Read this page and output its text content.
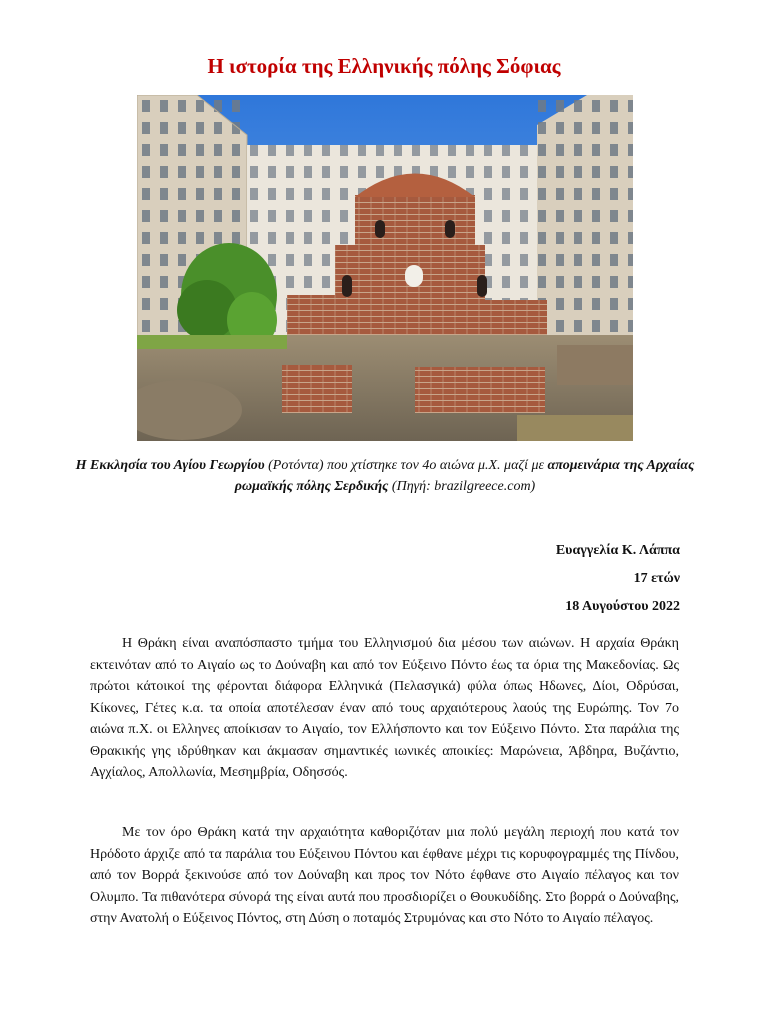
Η ιστορία της Ελληνικής πόλης Σόφιας
Η Εκκλησία του Αγίου Γεωργίου (Ροτόντα) που χτίστηκε τον 4ο αιώνα μ.Χ. μαζί με απομεινάρια της Αρχαίας ρωμαϊκής πόλης Σερδικής (Πηγή: brazilgreece.com)
Ευαγγελία Κ. Λάππα
17 ετών
18 Αυγούστου 2022

Η Θράκη είναι αναπόσπαστο τμήμα του Ελληνισμού δια μέσου των αιώνων. Η αρχαία Θράκη εκτεινόταν από το Αιγαίο ως το Δούναβη και από τον Εύξεινο Πόντο έως τα όρια της Μακεδονίας. Ως πρώτοι κάτοικοί της φέρονται διάφορα Ελληνικά (Πελασγικά) φύλα όπως Ηδωνες, Δίοι, Οδρύσαι, Κίκονες, Γέτες κ.α. τα οποία αποτέλεσαν έναν από τους αρχαιότερους λαούς της Ευρώπης. Τον 7ο αιώνα π.Χ. οι Ελληνες αποίκισαν το Αιγαίο, τον Ελλήσποντο και τον Εύξεινο Πόντο. Στα παράλια της Θρακικής γης ιδρύθηκαν και άκμασαν σημαντικές ιωνικές αποικίες: Μαρώνεια, Άβδηρα, Βυζάντιο, Αγχίαλος, Απολλωνία, Μεσημβρία, Οδησσός.

Με τον όρο Θράκη κατά την αρχαιότητα καθοριζόταν μια πολύ μεγάλη περιοχή που κατά τον Ηρόδοτο άρχιζε από τα παράλια του Εύξεινου Πόντου και έφθανε μέχρι τις κορυφογραμμές της Πίνδου, από τον Βορρά ξεκινούσε από τον Δούναβη και προς τον Νότο έφθανε στο Αιγαίο πέλαγος και τον Ολυμπο. Τα πιθανότερα σύνορά της είναι αυτά που προσδιορίζει ο Θουκυδίδης. Στο βορρά ο Δούναβης, στην Ανατολή ο Εύξεινος Πόντος, στη Δύση ο ποταμός Στρυμόνας και στο Νότο το Αιγαίο πέλαγος.
